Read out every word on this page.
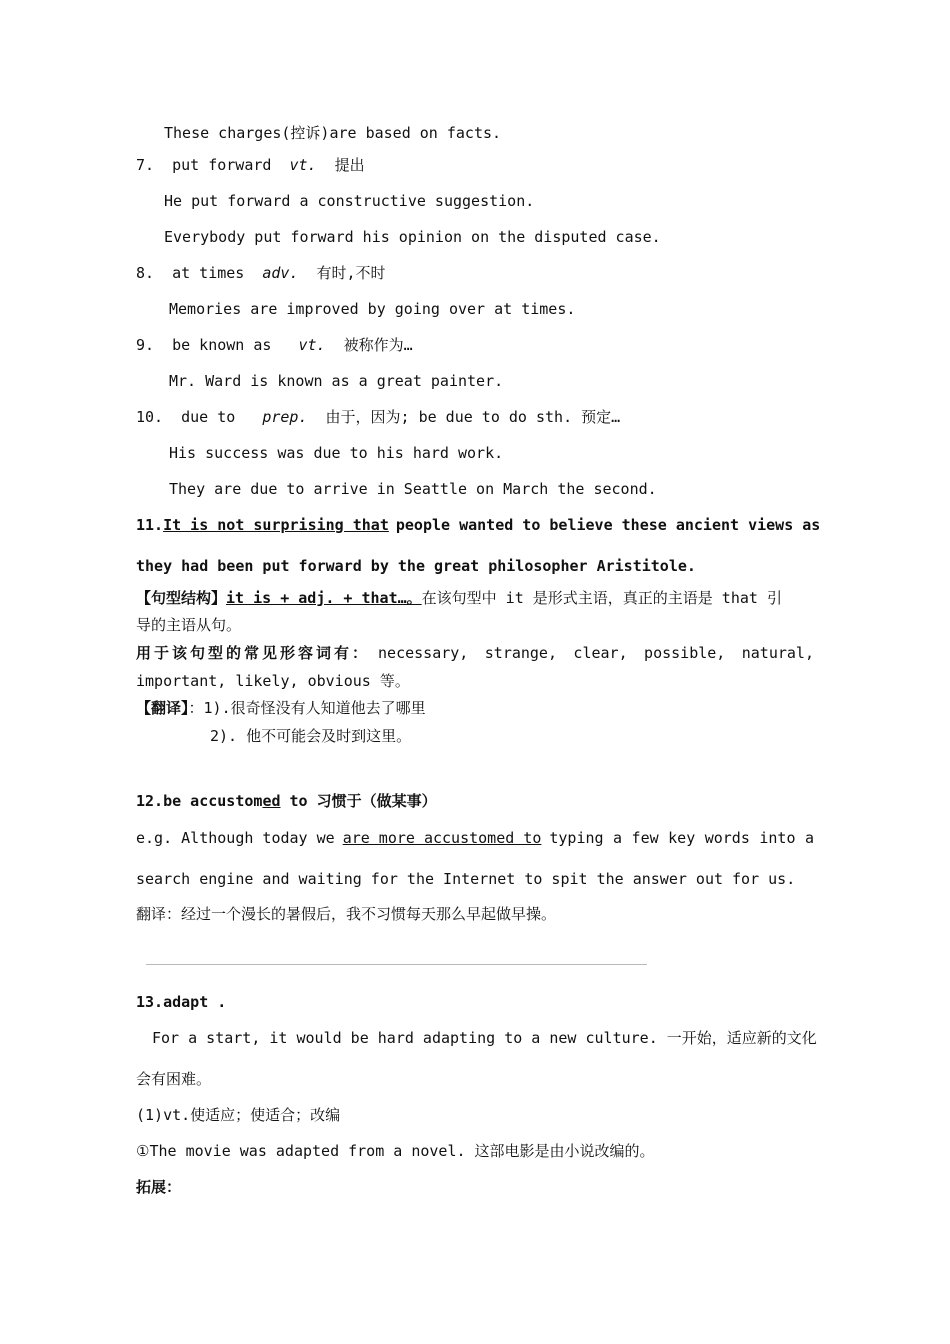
These charges(控诉)are based on facts.
7. put forward vt. 提出
He put forward a constructive suggestion.
Everybody put forward his opinion on the disputed case.
8. at times adv. 有时,不时
Memories are improved by going over at times.
9. be known as vt. 被称作为…
Mr. Ward is known as a great painter.
10. due to prep. 由于，因为; be due to do sth. 预定…
His success was due to his hard work.
They are due to arrive in Seattle on March the second.
11. It is not surprising that people wanted to believe these ancient views as
they had been put forward by the great philosopher Aristitole.
【句型结构】it is + adj. + that…。在该句型中 it 是形式主语，真正的主语是 that 引
导的主语从句。
用于该句型的常见形容词有： necessary, strange, clear, possible, natural,
important, likely, obvious 等。
【翻译】：1).很奇怪没有人知道他去了哪里
2). 他不可能会及时到这里。
12.be accustomed to 习惯于（做某事）
e.g. Although today we are more accustomed to typing a few key words into a
search engine and waiting for the Internet to spit the answer out for us.
翻译：经过一个漫长的暑假后，我不习惯每天那么早起做早操。
13.adapt .
For a start, it would be hard adapting to a new culture. 一开始，适应新的文化
会有困难。
(1)vt.使适应；使适合；改编
①The movie was adapted from a novel. 这部电影是由小说改编的。
拓展：
